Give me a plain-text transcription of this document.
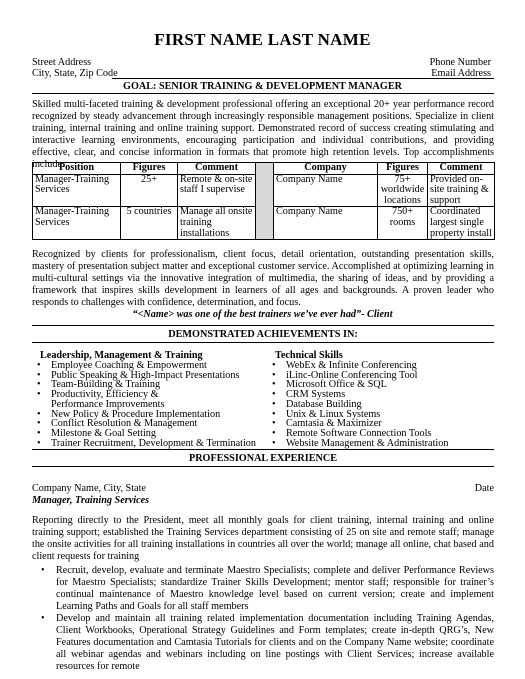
FIRST NAME LAST NAME
Street Address
City, State, Zip Code
Phone Number
Email Address
GOAL: SENIOR TRAINING & DEVELOPMENT MANAGER
Skilled multi-faceted training & development professional offering an exceptional 20+ year performance record recognized by steady advancement through increasingly responsible management positions. Specialize in client training, internal training and online training support. Demonstrated record of success creating stimulating and interactive learning environments, encouraging participation and individual contributions, and providing effective, clear, and concise information in formats that promote high retention levels. Top accomplishments include:
Position	Figures	Comment		Company	Figures	Comment
Manager-Training Services	25+	Remote & on-site staff I supervise		Company Name	75+ worldwide locations	Provided on-site training & support
Manager-Training Services	5 countries	Manage all onsite training installations		Company Name	750+ rooms	Coordinated largest single property install
Recognized by clients for professionalism, client focus, detail orientation, outstanding presentation skills, mastery of presentation subject matter and exceptional customer service. Accomplished at optimizing learning in multi-cultural settings via the innovative integration of multimedia, the sharing of ideas, and by providing a framework that inspires skills development in learners of all ages and backgrounds. A proven leader who responds to challenges with confidence, determination, and focus.
“<Name> was one of the best trainers we’ve ever had”- Client
DEMONSTRATED ACHIEVEMENTS IN:
Leadership, Management & Training
• Employee Coaching & Empowerment
• Public Speaking & High-Impact Presentations
• Team-Building & Training
• Productivity, Efficiency & Performance Improvements
• New Policy & Procedure Implementation
• Conflict Resolution & Management
• Milestone & Goal Setting
• Trainer Recruitment, Development & Termination
Technical Skills
• WebEx & Infinite Conferencing
• iLinc-Online Conferencing Tool
• Microsoft Office & SQL
• CRM Systems
• Database Building
• Unix & Linux Systems
• Camtasia & Maximizer
• Remote Software Connection Tools
• Website Management & Administration
PROFESSIONAL EXPERIENCE
Company Name, City, State	Date
Manager, Training Services
Reporting directly to the President, meet all monthly goals for client training, internal training and online training support; established the Training Services department consisting of 25 on site and remote staff; manage the onsite activities for all training installations in countries all over the world; manage all online, chat based and client requests for training
• Recruit, develop, evaluate and terminate Maestro Specialists; complete and deliver Performance Reviews for Maestro Specialists; standardize Trainer Skills Development; mentor staff; responsible for trainer’s continual maintenance of Maestro knowledge level based on current version; create and implement Learning Paths and Goals for all staff members
• Develop and maintain all training related implementation documentation including Training Agendas, Client Workbooks, Operational Strategy Guidelines and Form templates; create in-depth QRG’s, New Features documentation and Camtasia Tutorials for clients and on the Company Name website; coordinate all webinar agendas and webinars including on line postings with Client Services; increase available resources for remote
